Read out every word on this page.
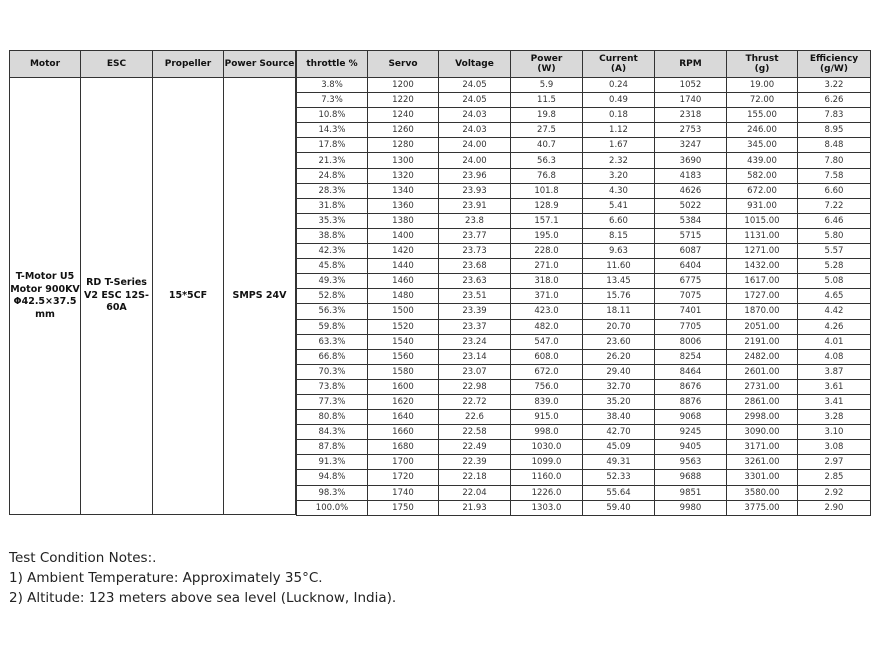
Motor	ESC	Propeller	Power Source
T-Motor U5 Motor 900KV Φ42.5×37.5 mm	RD T-Series V2 ESC 12S-60A	15*5CF	SMPS 24V
throttle %	Servo	Voltage	Power (W)	Current (A)	RPM	Thrust (g)	Efficiency (g/W)
3.8%	1200	24.05	5.9	0.24	1052	19.00	3.22
7.3%	1220	24.05	11.5	0.49	1740	72.00	6.26
10.8%	1240	24.03	19.8	0.18	2318	155.00	7.83
14.3%	1260	24.03	27.5	1.12	2753	246.00	8.95
17.8%	1280	24.00	40.7	1.67	3247	345.00	8.48
21.3%	1300	24.00	56.3	2.32	3690	439.00	7.80
24.8%	1320	23.96	76.8	3.20	4183	582.00	7.58
28.3%	1340	23.93	101.8	4.30	4626	672.00	6.60
31.8%	1360	23.91	128.9	5.41	5022	931.00	7.22
35.3%	1380	23.8	157.1	6.60	5384	1015.00	6.46
38.8%	1400	23.77	195.0	8.15	5715	1131.00	5.80
42.3%	1420	23.73	228.0	9.63	6087	1271.00	5.57
45.8%	1440	23.68	271.0	11.60	6404	1432.00	5.28
49.3%	1460	23.63	318.0	13.45	6775	1617.00	5.08
52.8%	1480	23.51	371.0	15.76	7075	1727.00	4.65
56.3%	1500	23.39	423.0	18.11	7401	1870.00	4.42
59.8%	1520	23.37	482.0	20.70	7705	2051.00	4.26
63.3%	1540	23.24	547.0	23.60	8006	2191.00	4.01
66.8%	1560	23.14	608.0	26.20	8254	2482.00	4.08
70.3%	1580	23.07	672.0	29.40	8464	2601.00	3.87
73.8%	1600	22.98	756.0	32.70	8676	2731.00	3.61
77.3%	1620	22.72	839.0	35.20	8876	2861.00	3.41
80.8%	1640	22.6	915.0	38.40	9068	2998.00	3.28
84.3%	1660	22.58	998.0	42.70	9245	3090.00	3.10
87.8%	1680	22.49	1030.0	45.09	9405	3171.00	3.08
91.3%	1700	22.39	1099.0	49.31	9563	3261.00	2.97
94.8%	1720	22.18	1160.0	52.33	9688	3301.00	2.85
98.3%	1740	22.04	1226.0	55.64	9851	3580.00	2.92
100.0%	1750	21.93	1303.0	59.40	9980	3775.00	2.90
Test Condition Notes:.
1) Ambient Temperature: Approximately 35°C.
2) Altitude: 123 meters above sea level (Lucknow, India).
